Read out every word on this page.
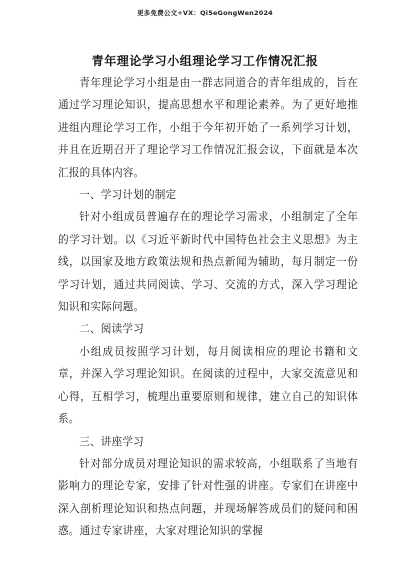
更多免费公文+VX：Qi5eGongWen2024
青年理论学习小组理论学习工作情况汇报

青年理论学习小组是由一群志同道合的青年组成的，旨在通过学习理论知识，提高思想水平和理论素养。为了更好地推进组内理论学习工作，小组于今年初开始了一系列学习计划，并且在近期召开了理论学习工作情况汇报会议，下面就是本次汇报的具体内容。

一、学习计划的制定

针对小组成员普遍存在的理论学习需求，小组制定了全年的学习计划。以《习近平新时代中国特色社会主义思想》为主线，以国家及地方政策法规和热点新闻为辅助，每月制定一份学习计划，通过共同阅读、学习、交流的方式，深入学习理论知识和实际问题。

二、阅读学习

小组成员按照学习计划，每月阅读相应的理论书籍和文章，并深入学习理论知识。在阅读的过程中，大家交流意见和心得，互相学习，梳理出重要原则和规律，建立自己的知识体系。

三、讲座学习

针对部分成员对理论知识的需求较高，小组联系了当地有影响力的理论专家，安排了针对性强的讲座。专家们在讲座中深入剖析理论知识和热点问题，并现场解答成员们的疑问和困惑。通过专家讲座，大家对理论知识的掌握
